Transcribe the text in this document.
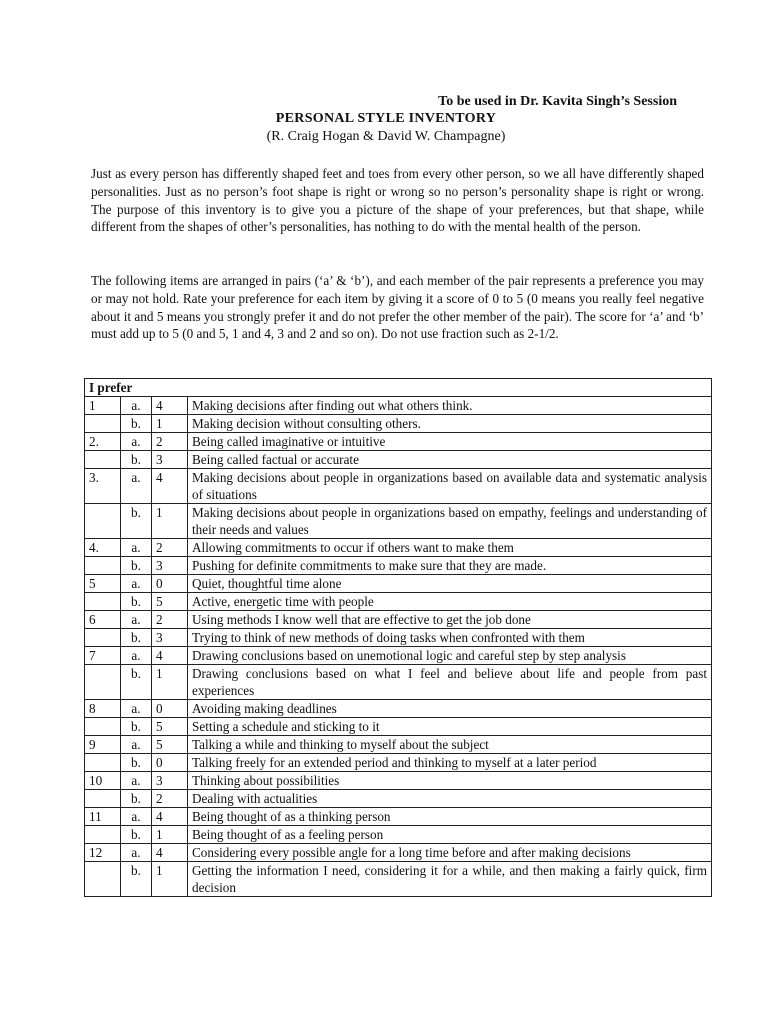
To be used in Dr. Kavita Singh’s Session
PERSONAL STYLE INVENTORY
(R. Craig Hogan & David W. Champagne)

Just as every person has differently shaped feet and toes from every other person, so we all have differently shaped personalities. Just as no person’s foot shape is right or wrong so no person’s personality shape is right or wrong. The purpose of this inventory is to give you a picture of the shape of your preferences, but that shape, while different from the shapes of other’s personalities, has nothing to do with the mental health of the person.

The following items are arranged in pairs (‘a’ & ‘b’), and each member of the pair represents a preference you may or may not hold. Rate your preference for each item by giving it a score of 0 to 5 (0 means you really feel negative about it and 5 means you strongly prefer it and do not prefer the other member of the pair). The score for ‘a’ and ‘b’ must add up to 5 (0 and 5, 1 and 4, 3 and 2 and so on). Do not use fraction such as 2-1/2.

I prefer			
1	a.	4	Making decisions after finding out what others think.
	b.	1	Making decision without consulting others.
2.	a.	2	Being called imaginative or intuitive
	b.	3	Being called factual or accurate
3.	a.	4	Making decisions about people in organizations based on available data and systematic analysis of situations
	b.	1	Making decisions about people in organizations based on empathy, feelings and understanding of their needs and values
4.	a.	2	Allowing commitments to occur if others want to make them
	b.	3	Pushing for definite commitments to make sure that they are made.
5	a.	0	Quiet, thoughtful time alone
	b.	5	Active, energetic time with people
6	a.	2	Using methods I know well that are effective to get the job done
	b.	3	Trying to think of new methods of doing tasks when confronted with them
7	a.	4	Drawing conclusions based on unemotional logic and careful step by step analysis
	b.	1	Drawing conclusions based on what I feel and believe about life and people from past experiences
8	a.	0	Avoiding making deadlines
	b.	5	Setting a schedule and sticking to it
9	a.	5	Talking a while and thinking to myself about the subject
	b.	0	Talking freely for an extended period and thinking to myself at a later period
10	a.	3	Thinking about possibilities
	b.	2	Dealing with actualities
11	a.	4	Being thought of as a thinking person
	b.	1	Being thought of as a feeling person
12	a.	4	Considering every possible angle for a long time before and after making decisions
	b.	1	Getting the information I need, considering it for a while, and then making a fairly quick, firm decision
